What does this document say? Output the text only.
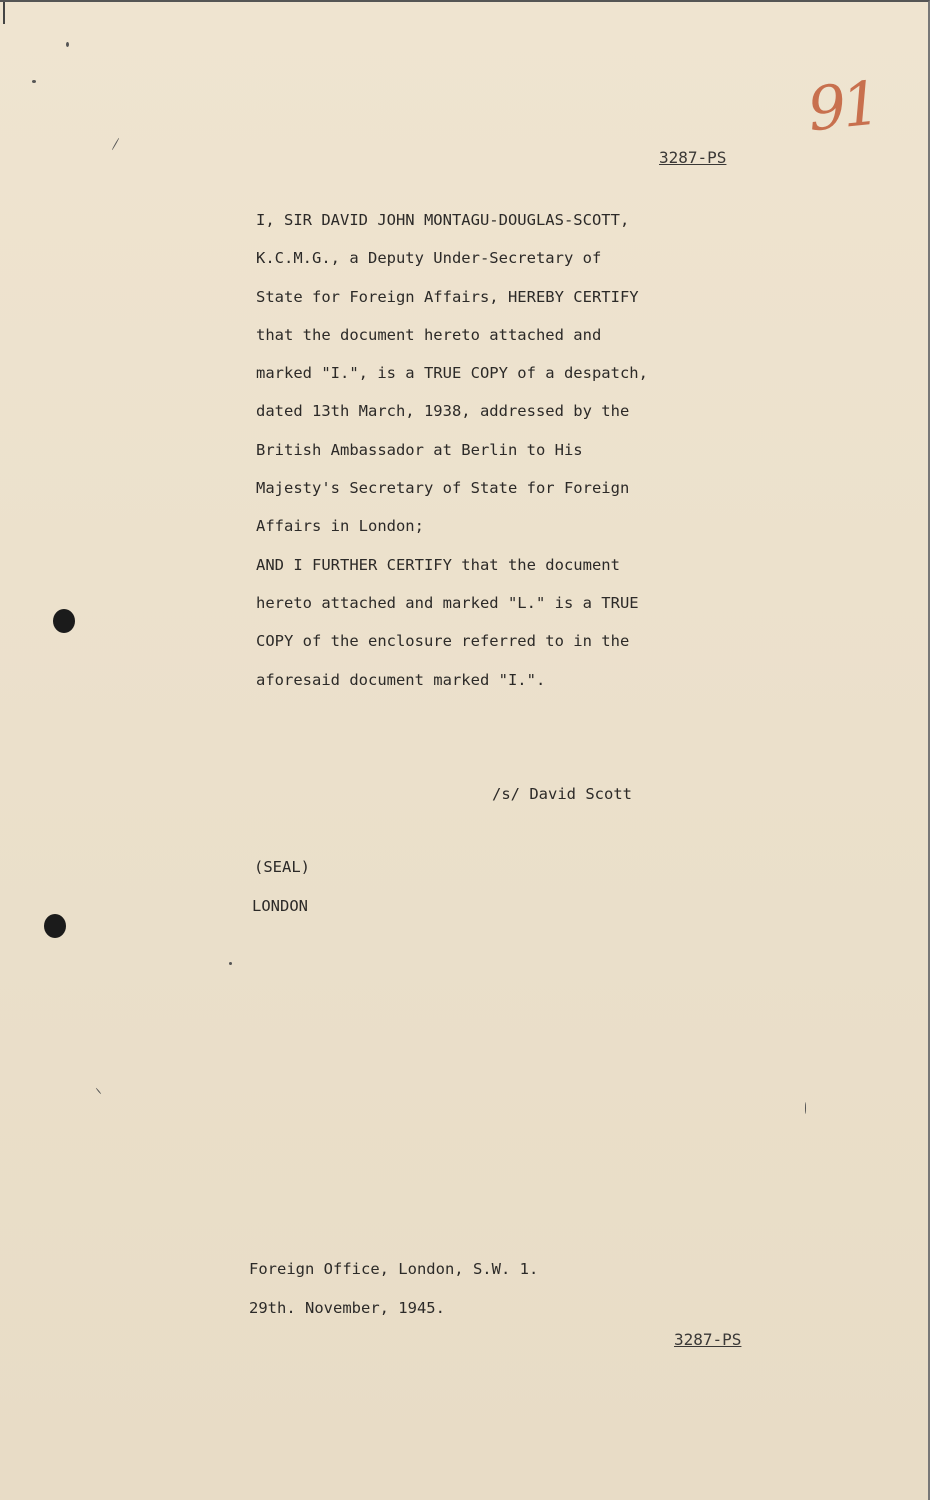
91
3287-PS
I, SIR DAVID JOHN MONTAGU-DOUGLAS-SCOTT,
K.C.M.G., a Deputy Under-Secretary of
State for Foreign Affairs, HEREBY CERTIFY
that the document hereto attached and
marked "I.", is a TRUE COPY of a despatch,
dated 13th March, 1938, addressed by the
British Ambassador at Berlin to His
Majesty's Secretary of State for Foreign
Affairs in London;
AND I FURTHER CERTIFY that the document
hereto attached and marked "L." is a TRUE
COPY of the enclosure referred to in the
aforesaid document marked "I.".
/s/ David Scott
(SEAL)
LONDON
Foreign Office, London, S.W. 1.
29th. November, 1945.
3287-PS
